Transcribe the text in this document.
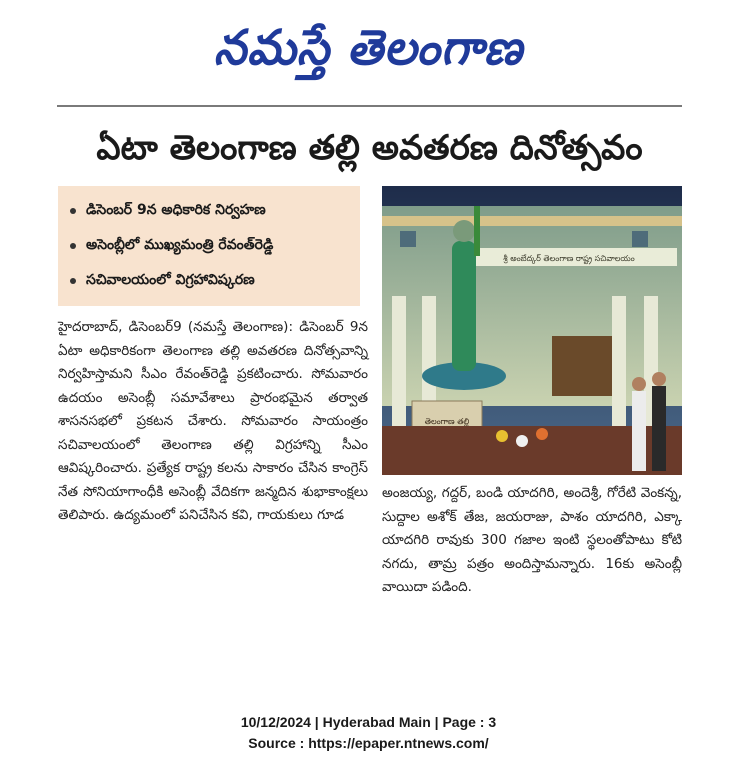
నమస్తే తెలంగాణ
ఏటా తెలంగాణ తల్లి అవతరణ దినోత్సవం
డిసెంబర్ 9న అధికారిక నిర్వహణ
అసెంబ్లీలో ముఖ్యమంత్రి రేవంత్‌రెడ్డి
సచివాలయంలో విగ్రహావిష్కరణ

హైదరాబాద్, డిసెంబర్9 (నమస్తే తెలంగాణ): డిసెంబర్ 9న ఏటా అధికారికంగా తెలంగాణ తల్లి అవతరణ దినోత్సవాన్ని నిర్వహిస్తామని సీఎం రేవంత్‌రెడ్డి ప్రకటించారు. సోమవారం ఉదయం అసెంబ్లీ సమావేశాలు ప్రారంభమైన తర్వాత శాసనసభలో ప్రకటన చేశారు. సోమవారం సాయంత్రం సచివాలయంలో తెలంగాణ తల్లి విగ్రహాన్ని సీఎం ఆవిష్కరించారు. ప్రత్యేక రాష్ట్ర కలను సాకారం చేసిన కాంగ్రెస్ నేత సోనియాగాంధీకి అసెంబ్లీ వేదికగా జన్మదిన శుభాకాంక్షలు తెలిపారు. ఉద్యమంలో పనిచేసిన కవి, గాయకులు గూడ

శ్రీ అంబేద్కర్ తెలంగాణ రాష్ట్ర సచివాలయం
తెలంగాణ తల్లి

అంజయ్య, గద్దర్, బండి యాదగిరి, అందెశ్రీ, గోరేటి వెంకన్న, సుద్దాల అశోక్ తేజ, జయరాజు, పాశం యాదగిరి, ఎక్కా యాదగిరి రావుకు 300 గజాల ఇంటి స్థలంతోపాటు కోటి నగదు, తామ్ర పత్రం అందిస్తామన్నారు. 16కు అసెంబ్లీ వాయిదా పడింది.

10/12/2024 | Hyderabad Main | Page : 3
Source : https://epaper.ntnews.com/
